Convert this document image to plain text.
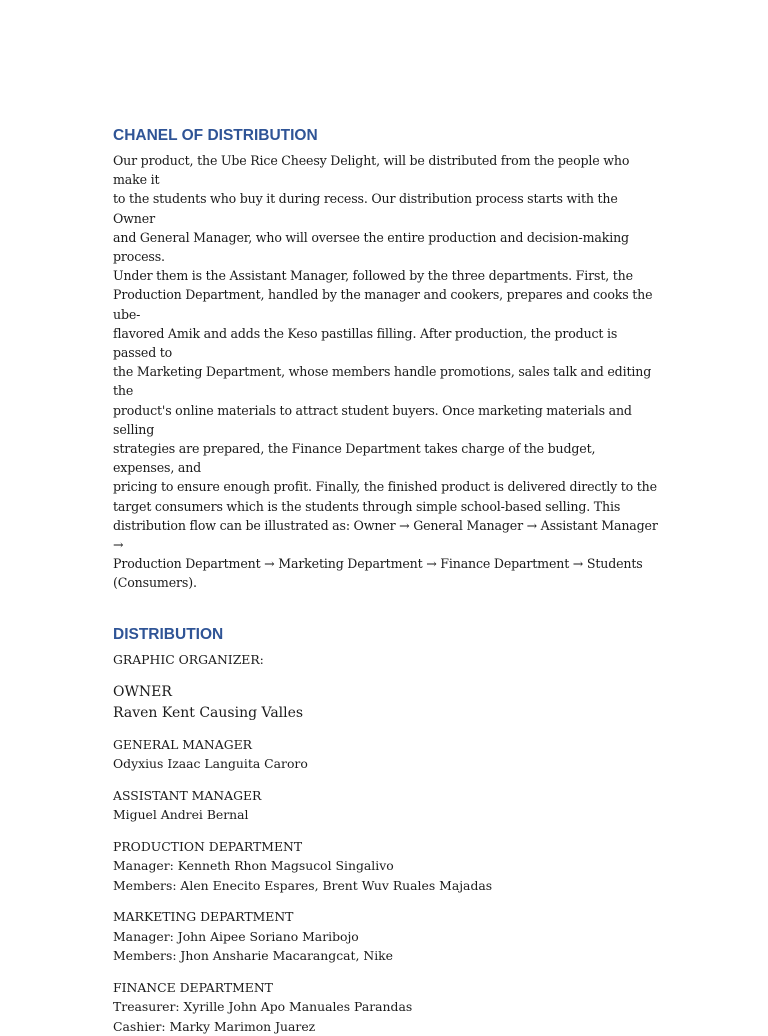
CHANEL OF DISTRIBUTION
Our product, the Ube Rice Cheesy Delight, will be distributed from the people who make it
to the students who buy it during recess. Our distribution process starts with the Owner
and General Manager, who will oversee the entire production and decision-making process.
Under them is the Assistant Manager, followed by the three departments. First, the
Production Department, handled by the manager and cookers, prepares and cooks the ube-
flavored Amik and adds the Keso pastillas filling. After production, the product is passed to
the Marketing Department, whose members handle promotions, sales talk and editing the
product's online materials to attract student buyers. Once marketing materials and selling
strategies are prepared, the Finance Department takes charge of the budget, expenses, and
pricing to ensure enough profit. Finally, the finished product is delivered directly to the
target consumers which is the students through simple school-based selling. This
distribution flow can be illustrated as: Owner → General Manager → Assistant Manager →
Production Department → Marketing Department → Finance Department → Students
(Consumers).
DISTRIBUTION

GRAPHIC ORGANIZER:

OWNER

Raven Kent Causing Valles

GENERAL MANAGER

Odyxius Izaac Languita Caroro

ASSISTANT MANAGER

Miguel Andrei Bernal

PRODUCTION DEPARTMENT

Manager: Kenneth Rhon Magsucol Singalivo

Members: Alen Enecito Espares, Brent Wuv Ruales Majadas

MARKETING DEPARTMENT

Manager: John Aipee Soriano Maribojo

Members: Jhon Ansharie Macarangcat, Nike

FINANCE DEPARTMENT

Treasurer: Xyrille John Apo Manuales Parandas

Cashier: Marky Marimon Juarez
